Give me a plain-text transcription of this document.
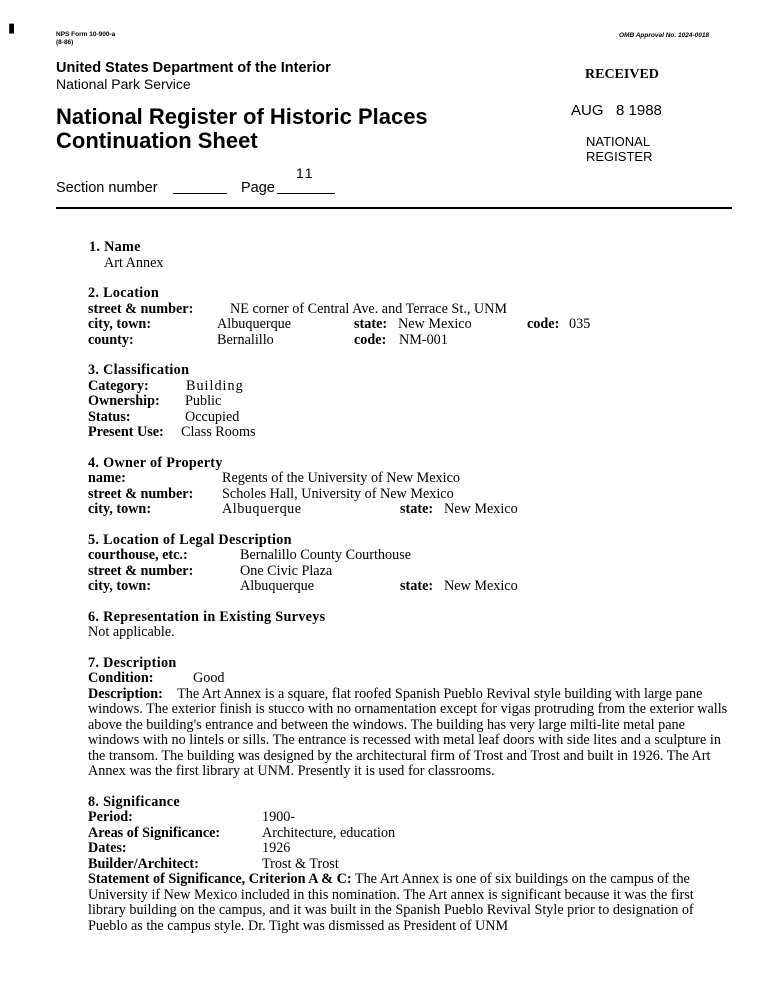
▮	NPS Form 10-900-a
(8-86)
OMB Approval No. 1024-0018
United States Department of the Interior
National Park Service
National Register of Historic Places
Continuation Sheet
11
Section number	Page
RECEIVED
AUG   8 1988
NATIONAL
REGISTER
1. Name
Art Annex
2. Location
street & number:	NE corner of Central Ave. and Terrace St., UNM
city, town:	Albuquerque	state: New Mexico	code: 035
county:	Bernalillo	code: NM-001
3. Classification
Category:	Building
Ownership: Public
Status:	Occupied
Present Use: Class Rooms
4. Owner of Property
name:	Regents of the University of New Mexico
street & number: Scholes Hall, University of New Mexico
city, town:	Albuquerque	state: New Mexico
5. Location of Legal Description
courthouse, etc.:	Bernalillo County Courthouse
street & number:	One Civic Plaza
city, town:	Albuquerque	state: New Mexico
6. Representation in Existing Surveys
Not applicable.
7. Description
Condition:	Good
Description: The Art Annex is a square, flat roofed Spanish Pueblo Revival style building with large pane windows. The exterior finish is stucco with no ornamentation except for vigas protruding from the exterior walls above the building's entrance and between the windows. The building has very large milti-lite metal pane windows with no lintels or sills. The entrance is recessed with metal leaf doors with side lites and a sculpture in the transom. The building was designed by the architectural firm of Trost and Trost and built in 1926. The Art Annex was the first library at UNM. Presently it is used for classrooms.
8. Significance
Period:	1900-
Areas of Significance:	Architecture, education
Dates:	1926
Builder/Architect:	Trost & Trost
Statement of Significance, Criterion A & C: The Art Annex is one of six buildings on the campus of the University if New Mexico included in this nomination. The Art annex is significant because it was the first library building on the campus, and it was built in the Spanish Pueblo Revival Style prior to designation of Pueblo as the campus style. Dr. Tight was dismissed as President of UNM
